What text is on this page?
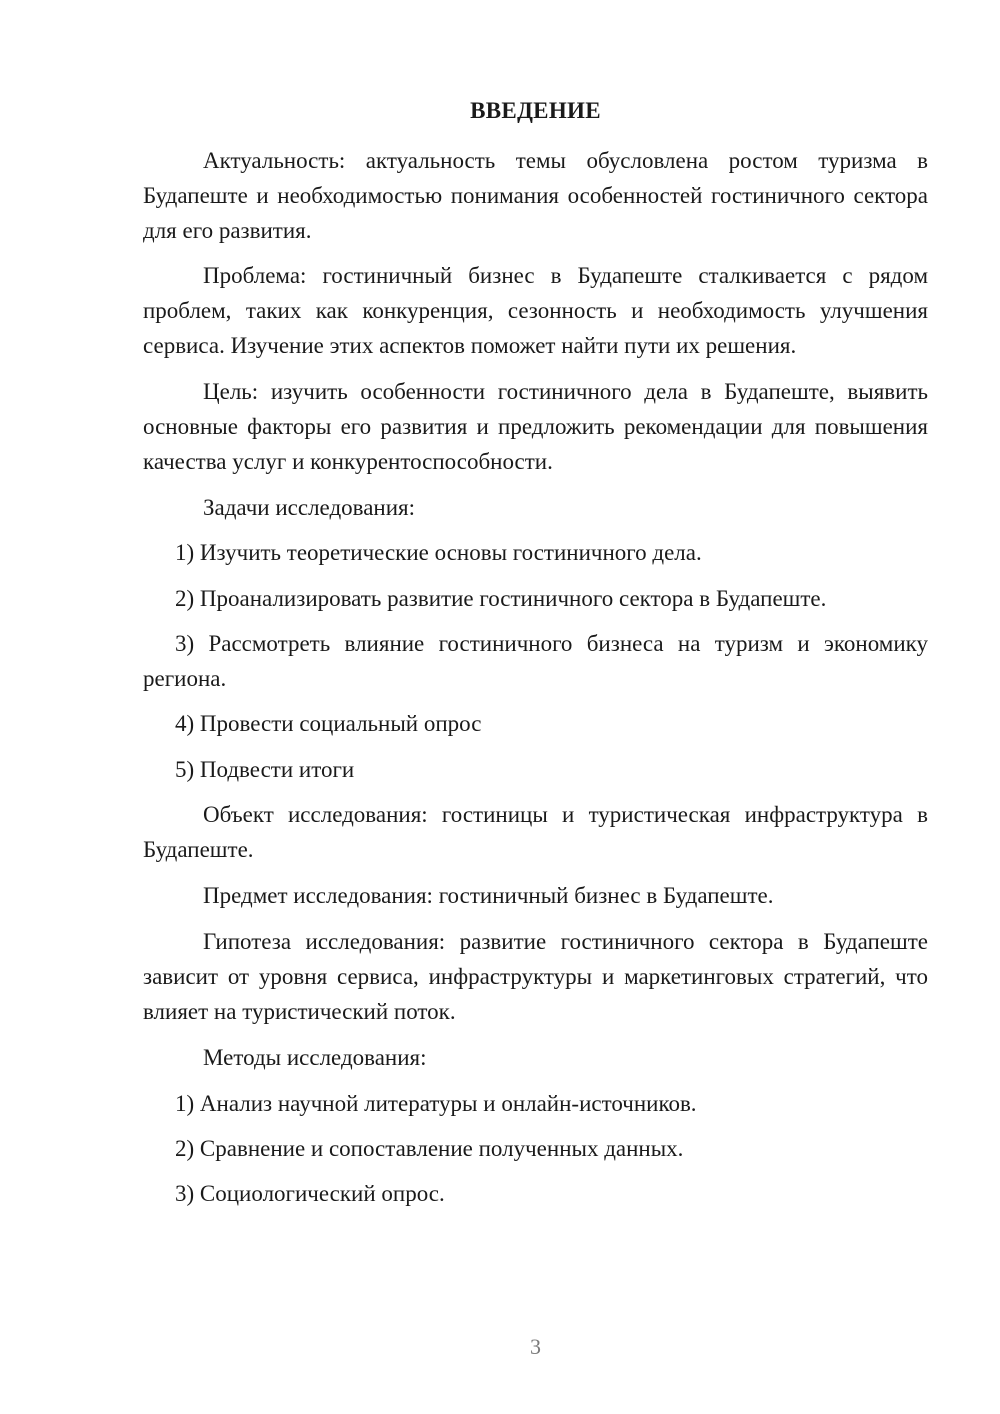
ВВЕДЕНИЕ

Актуальность: актуальность темы обусловлена ростом туризма в Будапеште и необходимостью понимания особенностей гостиничного сектора для его развития.

Проблема: гостиничный бизнес в Будапеште сталкивается с рядом проблем, таких как конкуренция, сезонность и необходимость улучшения сервиса. Изучение этих аспектов поможет найти пути их решения.

Цель: изучить особенности гостиничного дела в Будапеште, выявить основные факторы его развития и предложить рекомендации для повышения качества услуг и конкурентоспособности.

Задачи исследования:

1) Изучить теоретические основы гостиничного дела.

2) Проанализировать развитие гостиничного сектора в Будапеште.

3) Рассмотреть влияние гостиничного бизнеса на туризм и экономику региона.

4) Провести социальный опрос

5) Подвести итоги

Объект исследования: гостиницы и туристическая инфраструктура в Будапеште.

Предмет исследования: гостиничный бизнес в Будапеште.

Гипотеза исследования: развитие гостиничного сектора в Будапеште зависит от уровня сервиса, инфраструктуры и маркетинговых стратегий, что влияет на туристический поток.

Методы исследования:

1) Анализ научной литературы и онлайн-источников.

2) Сравнение и сопоставление полученных данных.

3) Социологический опрос.

3
